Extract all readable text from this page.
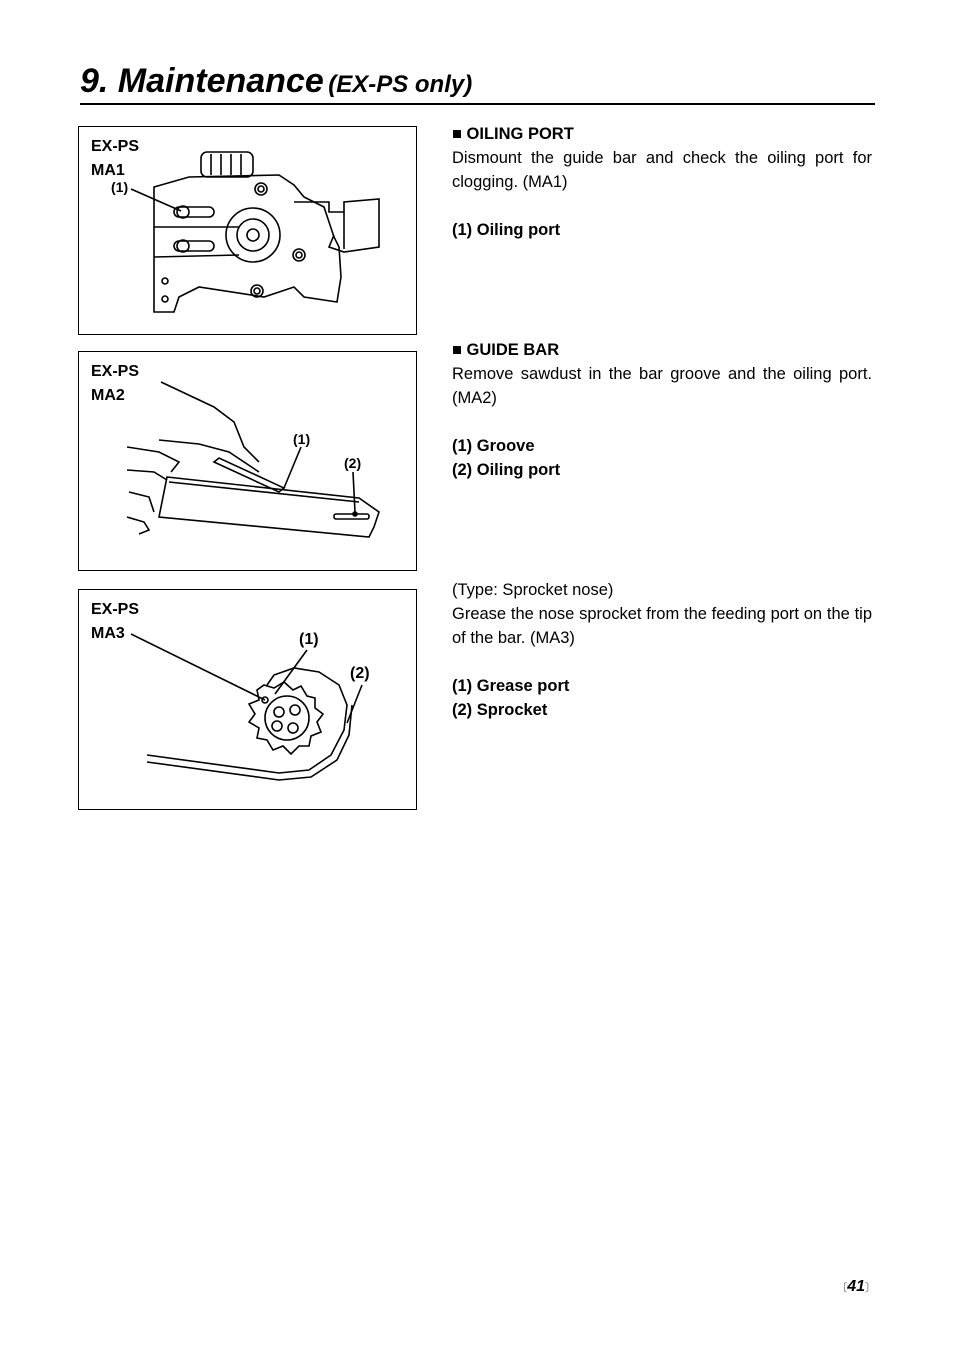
9. Maintenance (EX-PS only)
EX-PS
MA1
(1)
EX-PS
MA2
(1)
(2)
EX-PS
MA3	(1)
(2)
■ OILING PORT
Dismount the guide bar and check the oiling port for clogging. (MA1)
(1) Oiling port
■ GUIDE BAR
Remove sawdust in the bar groove and the oiling port. (MA2)
(1) Groove
(2) Oiling port
(Type: Sprocket nose)
Grease the nose sprocket from the feeding port on the tip of the bar. (MA3)
(1) Grease port
(2) Sprocket
〔41〕
